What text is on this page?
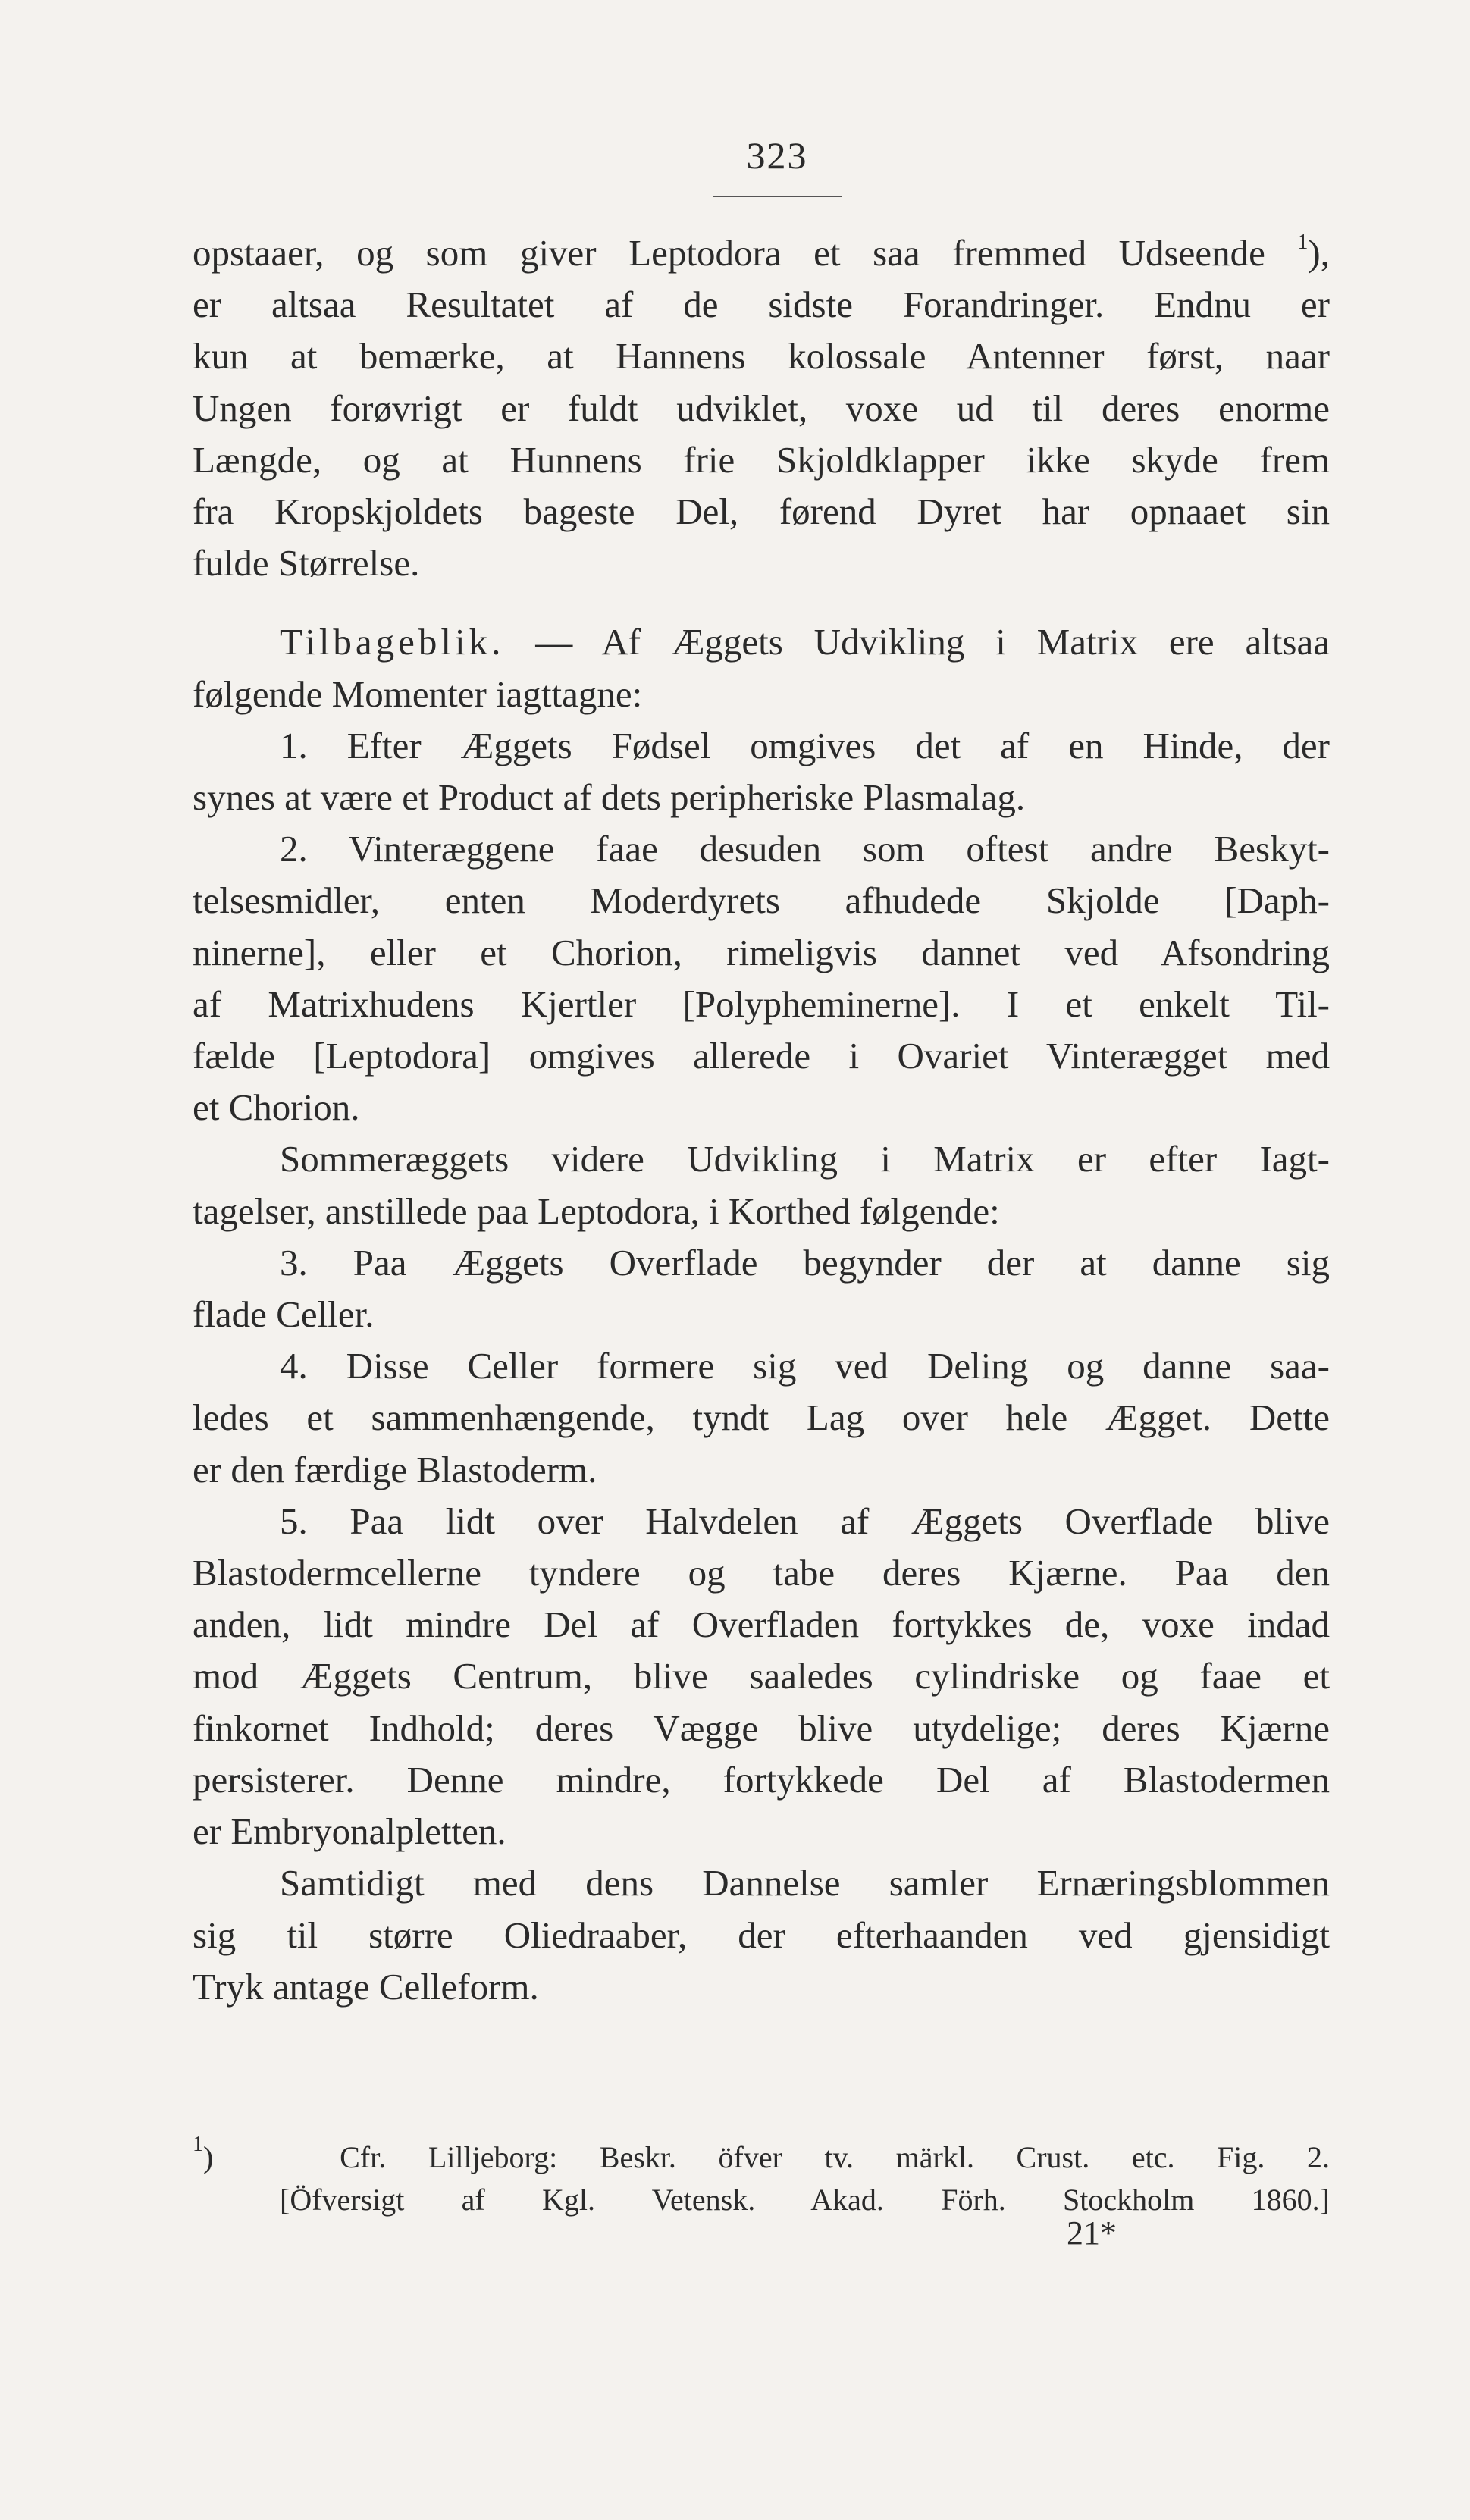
323
opstaaer, og som giver Leptodora et saa fremmed Udseende $^1$),
er altsaa Resultatet af de sidste Forandringer. Endnu er
kun at bemærke, at Hannens kolossale Antenner først, naar
Ungen forøvrigt er fuldt udviklet, voxe ud til deres enorme
Længde, og at Hunnens frie Skjoldklapper ikke skyde frem
fra Kropskjoldets bageste Del, førend Dyret har opnaaet sin
fulde Størrelse.
Tilbageblik. — Af Æggets Udvikling i Matrix ere altsaa
følgende Momenter iagttagne:
1. Efter Æggets Fødsel omgives det af en Hinde, der
synes at være et Product af dets peripheriske Plasmalag.
2. Vinteræggene faae desuden som oftest andre Beskyt-
telsesmidler, enten Moderdyrets afhudede Skjolde [Daph-
ninerne], eller et Chorion, rimeligvis dannet ved Afsondring
af Matrixhudens Kjertler [Polypheminerne]. I et enkelt Til-
fælde [Leptodora] omgives allerede i Ovariet Vinterægget med
et Chorion.
Sommeræggets videre Udvikling i Matrix er efter Iagt-
tagelser, anstillede paa Leptodora, i Korthed følgende:
3. Paa Æggets Overflade begynder der at danne sig
flade Celler.
4. Disse Celler formere sig ved Deling og danne saa-
ledes et sammenhængende, tyndt Lag over hele Ægget. Dette
er den færdige Blastoderm.
5. Paa lidt over Halvdelen af Æggets Overflade blive
Blastodermcellerne tyndere og tabe deres Kjærne. Paa den
anden, lidt mindre Del af Overfladen fortykkes de, voxe indad
mod Æggets Centrum, blive saaledes cylindriske og faae et
finkornet Indhold; deres Vægge blive utydelige; deres Kjærne
persisterer. Denne mindre, fortykkede Del af Blastodermen
er Embryonalpletten.
Samtidigt med dens Dannelse samler Ernæringsblommen
sig til større Oliedraaber, der efterhaanden ved gjensidigt
Tryk antage Celleform.
$^1$)	Cfr. Lilljeborg: Beskr. öfver tv. märkl. Crust. etc. Fig. 2.
[Öfversigt af Kgl. Vetensk. Akad. Förh. Stockholm 1860.]
21*
